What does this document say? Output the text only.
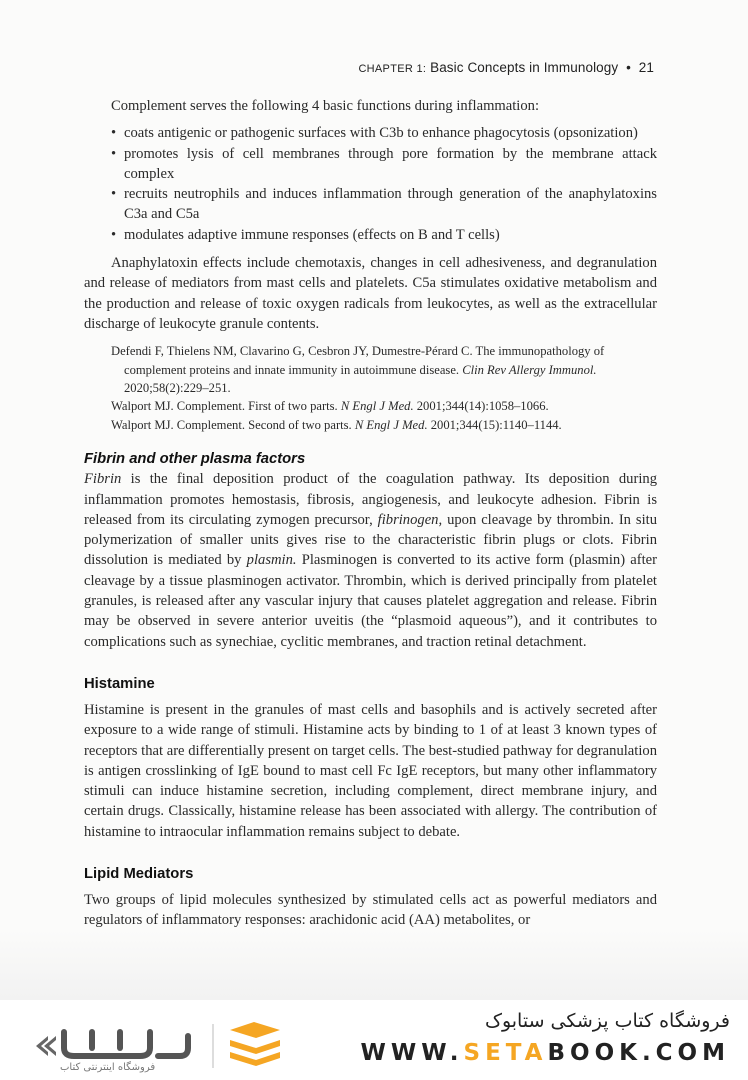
CHAPTER 1: Basic Concepts in Immunology • 21

Complement serves the following 4 basic functions during inflammation:

• coats antigenic or pathogenic surfaces with C3b to enhance phagocytosis (opsonization)
• promotes lysis of cell membranes through pore formation by the membrane attack complex
• recruits neutrophils and induces inflammation through generation of the anaphylatoxins C3a and C5a
• modulates adaptive immune responses (effects on B and T cells)

Anaphylatoxin effects include chemotaxis, changes in cell adhesiveness, and degranulation and release of mediators from mast cells and platelets. C5a stimulates oxidative metabolism and the production and release of toxic oxygen radicals from leukocytes, as well as the extracellular discharge of leukocyte granule contents.

Defendi F, Thielens NM, Clavarino G, Cesbron JY, Dumestre-Pérard C. The immunopathology of complement proteins and innate immunity in autoimmune disease. Clin Rev Allergy Immunol. 2020;58(2):229–251.
Walport MJ. Complement. First of two parts. N Engl J Med. 2001;344(14):1058–1066.
Walport MJ. Complement. Second of two parts. N Engl J Med. 2001;344(15):1140–1144.
Fibrin and other plasma factors

Fibrin is the final deposition product of the coagulation pathway. Its deposition during inflammation promotes hemostasis, fibrosis, angiogenesis, and leukocyte adhesion. Fibrin is released from its circulating zymogen precursor, fibrinogen, upon cleavage by thrombin. In situ polymerization of smaller units gives rise to the characteristic fibrin plugs or clots. Fibrin dissolution is mediated by plasmin. Plasminogen is converted to its active form (plasmin) after cleavage by a tissue plasminogen activator. Thrombin, which is derived principally from platelet granules, is released after any vascular injury that causes platelet aggregation and release. Fibrin may be observed in severe anterior uveitis (the “plasmoid aqueous”), and it contributes to complications such as synechiae, cyclitic membranes, and traction retinal detachment.

Histamine

Histamine is present in the granules of mast cells and basophils and is actively secreted after exposure to a wide range of stimuli. Histamine acts by binding to 1 of at least 3 known types of receptors that are differentially present on target cells. The best-studied pathway for degranulation is antigen crosslinking of IgE bound to mast cell Fc IgE receptors, but many other inflammatory stimuli can induce histamine secretion, including complement, direct membrane injury, and certain drugs. Classically, histamine release has been associated with allergy. The contribution of histamine to intraocular inflammation remains subject to debate.

Lipid Mediators

Two groups of lipid molecules synthesized by stimulated cells act as powerful mediators and regulators of inflammatory responses: arachidonic acid (AA) metabolites, or

فروشگاه اینترنتی کتاب
فروشگاه کتاب پزشکی ستابوک
WWW.SETABOOK.COM
